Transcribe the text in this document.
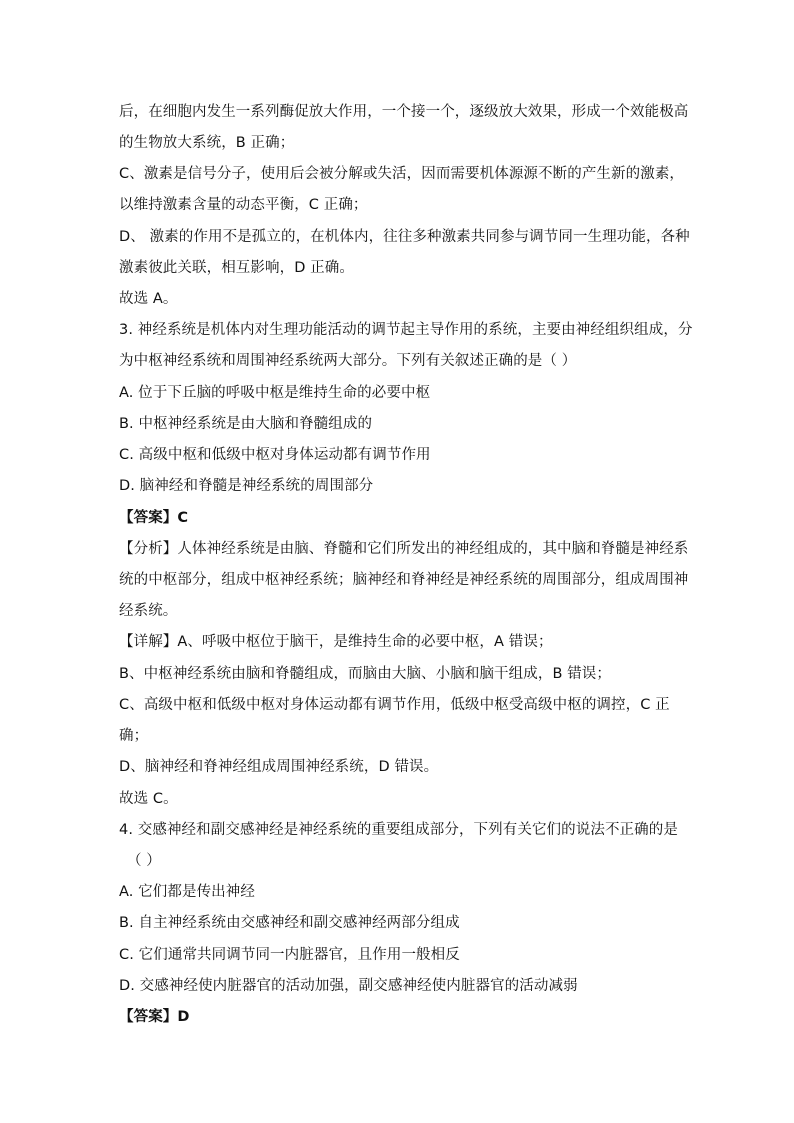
后，在细胞内发生一系列酶促放大作用，一个接一个，逐级放大效果，形成一个效能极高
的生物放大系统，B 正确；
C、激素是信号分子，使用后会被分解或失活，因而需要机体源源不断的产生新的激素，
以维持激素含量的动态平衡，C 正确；
D、 激素的作用不是孤立的，在机体内，往往多种激素共同参与调节同一生理功能，各种
激素彼此关联，相互影响，D 正确。
故选 A。
3. 神经系统是机体内对生理功能活动的调节起主导作用的系统，主要由神经组织组成，分
为中枢神经系统和周围神经系统两大部分。下列有关叙述正确的是（ ）
A. 位于下丘脑的呼吸中枢是维持生命的必要中枢
B. 中枢神经系统是由大脑和脊髓组成的
C. 高级中枢和低级中枢对身体运动都有调节作用
D. 脑神经和脊髓是神经系统的周围部分
【答案】C
【分析】人体神经系统是由脑、脊髓和它们所发出的神经组成的，其中脑和脊髓是神经系
统的中枢部分，组成中枢神经系统；脑神经和脊神经是神经系统的周围部分，组成周围神
经系统。
【详解】A、呼吸中枢位于脑干，是维持生命的必要中枢，A 错误；
B、中枢神经系统由脑和脊髓组成，而脑由大脑、小脑和脑干组成，B 错误；
C、高级中枢和低级中枢对身体运动都有调节作用，低级中枢受高级中枢的调控，C 正
确；
D、脑神经和脊神经组成周围神经系统，D 错误。
故选 C。
4. 交感神经和副交感神经是神经系统的重要组成部分，下列有关它们的说法不正确的是
（ ）
A. 它们都是传出神经
B. 自主神经系统由交感神经和副交感神经两部分组成
C. 它们通常共同调节同一内脏器官，且作用一般相反
D. 交感神经使内脏器官的活动加强，副交感神经使内脏器官的活动减弱
【答案】D
